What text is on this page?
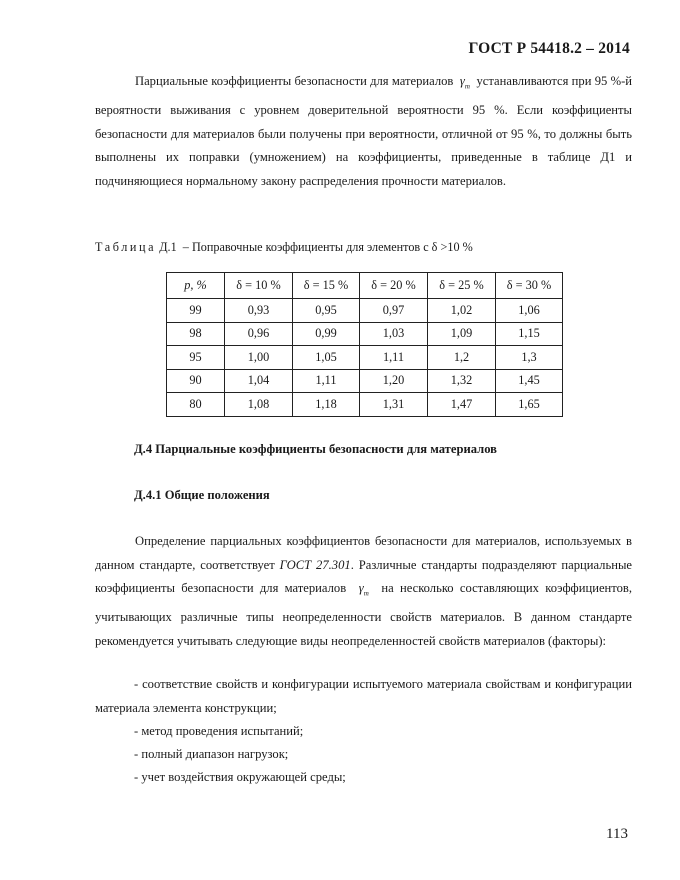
ГОСТ Р 54418.2 – 2014
Парциальные коэффициенты безопасности для материалов $\gamma_m$ устанавливаются при 95 %-й вероятности выживания с уровнем доверительной вероятности 95 %. Если коэффициенты безопасности для материалов были получены при вероятности, отличной от 95 %, то должны быть выполнены их поправки (умножением) на коэффициенты, приведенные в таблице Д1 и подчиняющиеся нормальному закону распределения прочности материалов.
Таблица Д.1 – Поправочные коэффициенты для элементов с δ >10 %
p, %	δ = 10 %	δ = 15 %	δ = 20 %	δ = 25 %	δ = 30 %
99	0,93	0,95	0,97	1,02	1,06
98	0,96	0,99	1,03	1,09	1,15
95	1,00	1,05	1,11	1,2	1,3
90	1,04	1,11	1,20	1,32	1,45
80	1,08	1,18	1,31	1,47	1,65
Д.4 Парциальные коэффициенты безопасности для материалов
Д.4.1 Общие положения
Определение парциальных коэффициентов безопасности для материалов, используемых в данном стандарте, соответствует ГОСТ 27.301. Различные стандарты подразделяют парциальные коэффициенты безопасности для материалов $\gamma_m$ на несколько составляющих коэффициентов, учитывающих различные типы неопределенности свойств материалов. В данном стандарте рекомендуется учитывать следующие виды неопределенностей свойств материалов (факторы):
- соответствие свойств и конфигурации испытуемого материала свойствам и конфигурации материала элемента конструкции;
- метод проведения испытаний;
- полный диапазон нагрузок;
- учет воздействия окружающей среды;
113
